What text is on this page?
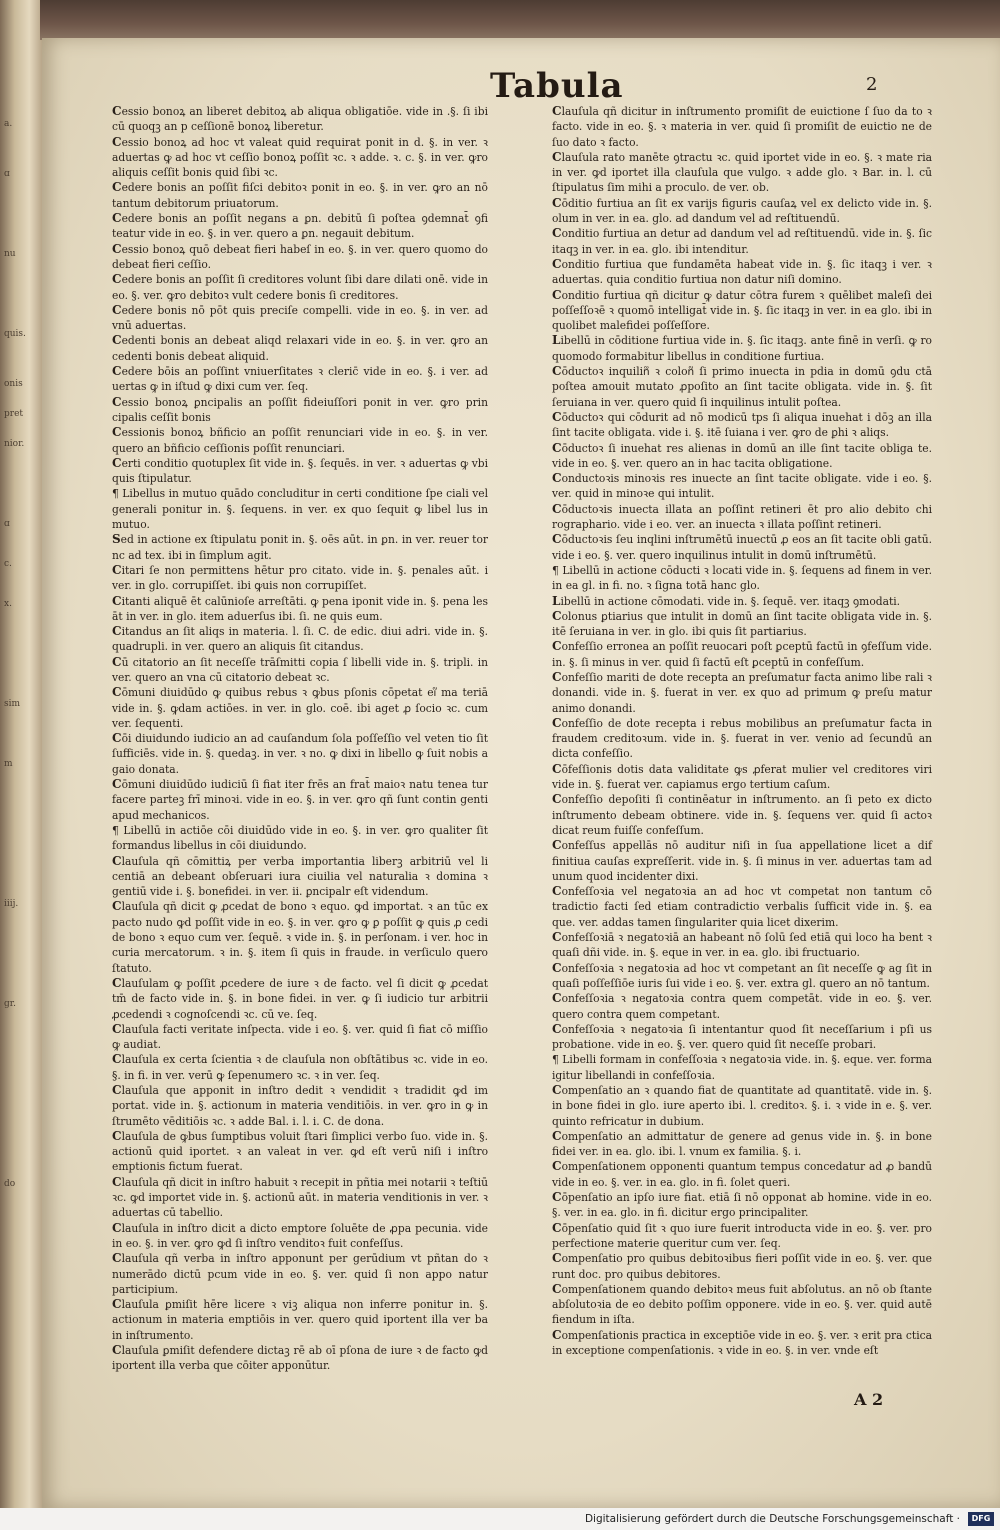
a.
ɑ
nu
quis.
onis
pret
nior.
ɑ
c.
x.
sim
m
iiij.
gr.
do
Tabula	2

Cessio bonoꝝ an liberet debitoꝝ ab aliqua obligatiōe. vide in .§. ſi ibi cū quoqꝫ an p ceſſionē bonoꝝ liberetur.

Cessio bonoꝝ ad hoc vt valeat quid requirat ponit in d. §. in ver. ꝛ aduertas ꝙ ad hoc vt ceſſio bonoꝝ poſſit ꝛc. ꝛ adde. ꝛ. c. §. in ver. ꝙro aliquis ceſſit bonis quid ſibi ꝛc.

Cedere bonis an poſſit fiſci debitoꝛ ponit in eo. §. in ver. ꝙro an nō tantum debitorum priuatorum.

Cedere bonis an poſſit negans a ꝑn. debitū ſi poſtea ꝯdemnat̄ ꝯfi teatur vide in eo. §. in ver. quero a ꝑn. negauit debitum.

Cessio bonoꝝ quō debeat fieri habeſ in eo. §. in ver. quero quomo do debeat fieri ceſſio.

Cedere bonis an poſſit ſi creditores volunt ſibi dare dilati onē. vide in eo. §. ver. ꝙro debitoꝛ vult cedere bonis ſi creditores.

Cedere bonis nō pōt quis preciſe compelli. vide in eo. §. in ver. ad vnū aduertas.

Cedenti bonis an debeat aliqd relaxari vide in eo. §. in ver. ꝙro an cedenti bonis debeat aliquid.

Cedere bōis an poſſint vniuerſitates ꝛ cleric̄ vide in eo. §. i ver. ad uertas ꝙ in iſtud ꝙ dixi cum ver. ſeq.

Cessio bonoꝝ ꝑncipalis an poſſit fideiuſſori ponit in ver. ꝙro prin cipalis ceſſit bonis

Cessionis bonoꝝ bñficio an poſſit renunciari vide in eo. §. in ver. quero an bñficio ceſſionis poſſit renunciari.

Certi conditio quotuplex ſit vide in. §. ſequēs. in ver. ꝛ aduertas ꝙ vbi quis ſtipulatur.

¶ Libellus in mutuo quādo concluditur in certi conditione ſpe ciali vel generali ponitur in. §. ſequens. in ver. ex quo ſequit ꝙ libel lus in mutuo.

Sed in actione ex ſtipulatu ponit in. §. oēs aūt. in ꝑn. in ver. reuer tor nc ad tex. ibi in ſimplum agit.

Citari ſe non permittens hētur pro citato. vide in. §. penales aūt. i ver. in glo. corrupiſſet. ibi ꝙuis non corrupiſſet.

Citanti aliquē ēt calūnioſe arreſtāti. ꝙ pena iponit vide in. §. pena les āt in ver. in glo. item aduerſus ibi. ſi. ne quis eum.

Citandus an ſit aliqs in materia. l. ſi. C. de edic. diui adri. vide in. §. quadrupli. in ver. quero an aliquis ſit citandus.

Cū citatorio an ſit neceſſe trāſmitti copia ſ libelli vide in. §. tripli. in ver. quero an vna cū citatorio debeat ꝛc.

Cōmuni diuidūdo ꝙ quibus rebus ꝛ ꝙbus pſonis cōpetat ei᷑ ma teriā vide in. §. ꝙdam actiōes. in ver. in glo. coē. ibi aget ꝓ ſocio ꝛc. cum ver. ſequenti.

Cōi diuidundo iudicio an ad cauſandum ſola poſſeſſio vel veten tio ſit ſufficiēs. vide in. §. quedaꝫ. in ver. ꝛ no. ꝙ dixi in libello ꝙ ſuit nobis a gaio donata.

Cōmuni diuidūdo iudiciū ſi fiat iter frēs an frat̄ maioꝛ natu tenea tur facere parteꝫ frī minoꝛi. vide in eo. §. in ver. ꝙro qñ ſunt contin genti apud mechanicos.

¶ Libellū in actiōe cōi diuidūdo vide in eo. §. in ver. ꝙro qualiter ſit formandus libellus in cōi diuidundo.

Clauſula qñ cōmittiꝝ per verba importantia liberꝫ arbitriū vel li centiā an debeant obſeruari iura ciuilia vel naturalia ꝛ domina ꝛ gentiū vide i. §. bonefidei. in ver. ii. ꝑncipalr eſt videndum.

Clauſula qñ dicit ꝙ ꝓcedat de bono ꝛ equo. ꝙd importat. ꝛ an tūc ex pacto nudo ꝙd poſſit vide in eo. §. in ver. ꝙro ꝙ ꝑ poſſit ꝙ quis ꝓ cedi de bono ꝛ equo cum ver. ſequē. ꝛ vide in. §. in perſonam. i ver. hoc in curia mercatorum. ꝛ in. §. item ſi quis in fraude. in verſiculo quero ſtatuto.

Clauſulam ꝙ poſſit ꝓcedere de iure ꝛ de facto. vel ſi dicit ꝙ ꝓcedat tm̄ de facto vide in. §. in bone fidei. in ver. ꝙ ſi iudicio tur arbitrii ꝓcedendi ꝛ cognoſcendi ꝛc. cū ve. ſeq.

Clauſula facti veritate inſpecta. vide i eo. §. ver. quid ſi fiat cō miſſio ꝙ audiat.

Clauſula ex certa ſcientia ꝛ de clauſula non obſtātibus ꝛc. vide in eo. §. in fi. in ver. verū ꝙ ſepenumero ꝛc. ꝛ in ver. ſeq.

Clauſula que apponit in inſtro dedit ꝛ vendidit ꝛ tradidit ꝙd im portat. vide in. §. actionum in materia venditiōis. in ver. ꝙro in ꝙ in ſtrumēto vēditiōis ꝛc. ꝛ adde Bal. i. l. i. C. de dona.

Clauſula de ꝙbus ſumptibus voluit ſtari ſimplici verbo ſuo. vide in. §. actionū quid iportet. ꝛ an valeat in ver. ꝙd eſt verū niſi i inſtro emptionis fictum fuerat.

Clauſula qñ dicit in inſtro habuit ꝛ recepit in pñtia mei notarii ꝛ teſtiū ꝛc. ꝙd importet vide in. §. actionū aūt. in materia venditionis in ver. ꝛ aduertas cū tabellio.

Clauſula in inſtro dicit a dicto emptore ſoluēte de ꝓpa pecunia. vide in eo. §. in ver. ꝙro ꝙd ſi inſtro venditoꝛ fuit confeſſus.

Clauſula qñ verba in inſtro apponunt per gerūdium vt pñtan do ꝛ numerādo dictū pcum vide in eo. §. ver. quid ſi non appo natur participium.

Clauſula ꝑmiſit hēre licere ꝛ viꝫ aliqua non inferre ponitur in. §. actionum in materia emptiōis in ver. quero quid iportent illa ver ba in inſtrumento.

Clauſula ꝑmiſit defendere dictaꝫ rē ab oī pſona de iure ꝛ de facto ꝙd iportent illa verba que cōiter apponūtur.

Clauſula qñ dicitur in inſtrumento promiſit de euictione ſ ſuo da to ꝛ facto. vide in eo. §. ꝛ materia in ver. quid ſi promiſit de euictio ne de ſuo dato ꝛ facto.

Clauſula rato manēte ꝯtractu ꝛc. quid iportet vide in eo. §. ꝛ mate ria in ver. ꝙd iportet illa clauſula que vulgo. ꝛ adde glo. ꝛ Bar. in. l. cū ſtipulatus ſim mihi a proculo. de ver. ob.

Cōditio furtiua an ſit ex varijs figuris cauſaꝝ vel ex delicto vide in. §. olum in ver. in ea. glo. ad dandum vel ad reſtituendū.

Conditio furtiua an detur ad dandum vel ad reſtituendū. vide in. §. ſic itaqꝫ in ver. in ea. glo. ibi intenditur.

Conditio furtiua que fundamēta habeat vide in. §. ſic itaqꝫ i ver. ꝛ aduertas. quia conditio furtiua non datur niſi domino.

Conditio furtiua qñ dicitur ꝙ datur cōtra furem ꝛ quēlibet maleſi dei poſſeſſoꝛē ꝛ quomō intelligat̄ vide in. §. ſic itaqꝫ in ver. in ea glo. ibi in quolibet malefidei poſſeſſore.

Libellū in cōditione furtiua vide in. §. ſic itaqꝫ. ante finē in verſi. ꝙ ro quomodo formabitur libellus in conditione furtiua.

Cōductoꝛ inquilin᷑ ꝛ colon᷑ ſi primo inuecta in pdia in domū ꝯdu ctā poſtea amouit mutato ꝓpoſito an ſint tacite obligata. vide in. §. ſit ſeruiana in ver. quero quid ſi inquilinus intulit poſtea.

Cōductoꝛ qui cōdurit ad nō modicū tps ſi aliqua inuehat i dōꝫ an illa ſint tacite obligata. vide i. §. itē ſuiana i ver. ꝙro de ꝑhi ꝛ aliqs.

Cōductoꝛ ſi inuehat res alienas in domū an ille ſint tacite obliga te. vide in eo. §. ver. quero an in hac tacita obligatione.

Conductoꝛis minoꝛis res inuecte an ſint tacite obligate. vide i eo. §. ver. quid in minoꝛe qui intulit.

Cōductoꝛis inuecta illata an poſſint retineri ēt pro alio debito chi rographario. vide i eo. ver. an inuecta ꝛ illata poſſint retineri.

Cōductoꝛis ſeu inqlini inſtrumētū inuectū ꝓ eos an ſit tacite obli gatū. vide i eo. §. ver. quero inquilinus intulit in domū inſtrumētū.

¶ Libellū in actione cōducti ꝛ locati vide in. §. ſequens ad finem in ver. in ea gl. in fi. no. ꝛ ſigna totā hanc glo.

Libellū in actione cōmodati. vide in. §. ſequē. ver. itaqꝫ ꝯmodati.

Colonus ꝑtiarius que intulit in domū an ſint tacite obligata vide in. §. itē ſeruiana in ver. in glo. ibi quis ſit partiarius.

Confeſſio erronea an poſſit reuocari poſt ꝑceptū factū in ꝯfeſſum vide. in. §. ſi minus in ver. quid ſi factū eſt ꝑceptū in confeſſum.

Confeſſio mariti de dote recepta an preſumatur facta animo libe rali ꝛ donandi. vide in. §. fuerat in ver. ex quo ad primum ꝙ preſu matur animo donandi.

Confeſſio de dote recepta i rebus mobilibus an preſumatur facta in fraudem creditoꝛum. vide in. §. fuerat in ver. venio ad ſecundū an dicta confeſſio.

Cōfeſſionis dotis data validitate ꝙs ꝓferat mulier vel creditores viri vide in. §. fuerat ver. capiamus ergo tertium caſum.

Confeſſio depoſiti ſi continēatur in inſtrumento. an ſi peto ex dicto inſtrumento debeam obtinere. vide in. §. ſequens ver. quid ſi actoꝛ dicat reum fuiſſe confeſſum.

Confeſſus appellās nō auditur niſi in ſua appellatione licet a dif finitiua cauſas expreſſerit. vide in. §. ſi minus in ver. aduertas tam ad unum quod incidenter dixi.

Confeſſoꝛia vel negatoꝛia an ad hoc vt competat non tantum cō tradictio facti ſed etiam contradictio verbalis ſufficit vide in. §. ea que. ver. addas tamen ſingulariter quia licet dixerim.

Confeſſoꝛiā ꝛ negatoꝛiā an habeant nō ſolū ſed etiā qui loco ha bent ꝛ quaſi dñi vide. in. §. eque in ver. in ea. glo. ibi fructuario.

Confeſſoꝛia ꝛ negatoꝛia ad hoc vt competant an ſit neceſſe ꝙ ag ſit in quaſi poſſeſſiōe iuris ſui vide i eo. §. ver. extra gl. quero an nō tantum.

Confeſſoꝛia ꝛ negatoꝛia contra quem competāt. vide in eo. §. ver. quero contra quem competant.

Confeſſoꝛia ꝛ negatoꝛia ſi intentantur quod ſit neceſſarium i pſi us probatione. vide in eo. §. ver. quero quid ſit neceſſe probari.

¶ Libelli formam in confeſſoꝛia ꝛ negatoꝛia vide. in. §. eque. ver. forma igitur libellandi in confeſſoꝛia.

Compenſatio an ꝛ quando fiat de quantitate ad quantitatē. vide in. §. in bone fidei in glo. iure aperto ibi. l. creditoꝛ. §. i. ꝛ vide in e. §. ver. quinto refricatur in dubium.

Compenſatio an admittatur de genere ad genus vide in. §. in bone fidei ver. in ea. glo. ibi. l. vnum ex familia. §. i.

Compenſationem opponenti quantum tempus concedatur ad ꝓ bandū vide in eo. §. ver. in ea. glo. in fi. ſolet queri.

Cōpenſatio an ipſo iure fiat. etiā ſi nō opponat ab homine. vide in eo. §. ver. in ea. glo. in fi. dicitur ergo principaliter.

Cōpenſatio quid ſit ꝛ quo iure fuerit introducta vide in eo. §. ver. pro perfectione materie queritur cum ver. ſeq.

Compenſatio pro quibus debitoꝛibus fieri poſſit vide in eo. §. ver. que runt doc. pro quibus debitores.

Compenſationem quando debitoꝛ meus fuit abſolutus. an nō ob ſtante abſolutoꝛia de eo debito poſſim opponere. vide in eo. §. ver. quid autē fiendum in iſta.

Compenſationis practica in exceptiōe vide in eo. §. ver. ꝛ erit pra ctica in exceptione compenſationis. ꝛ vide in eo. §. in ver. vnde eſt

A 2
Digitalisierung gefördert durch die Deutsche Forschungsgemeinschaft ·	DFG
